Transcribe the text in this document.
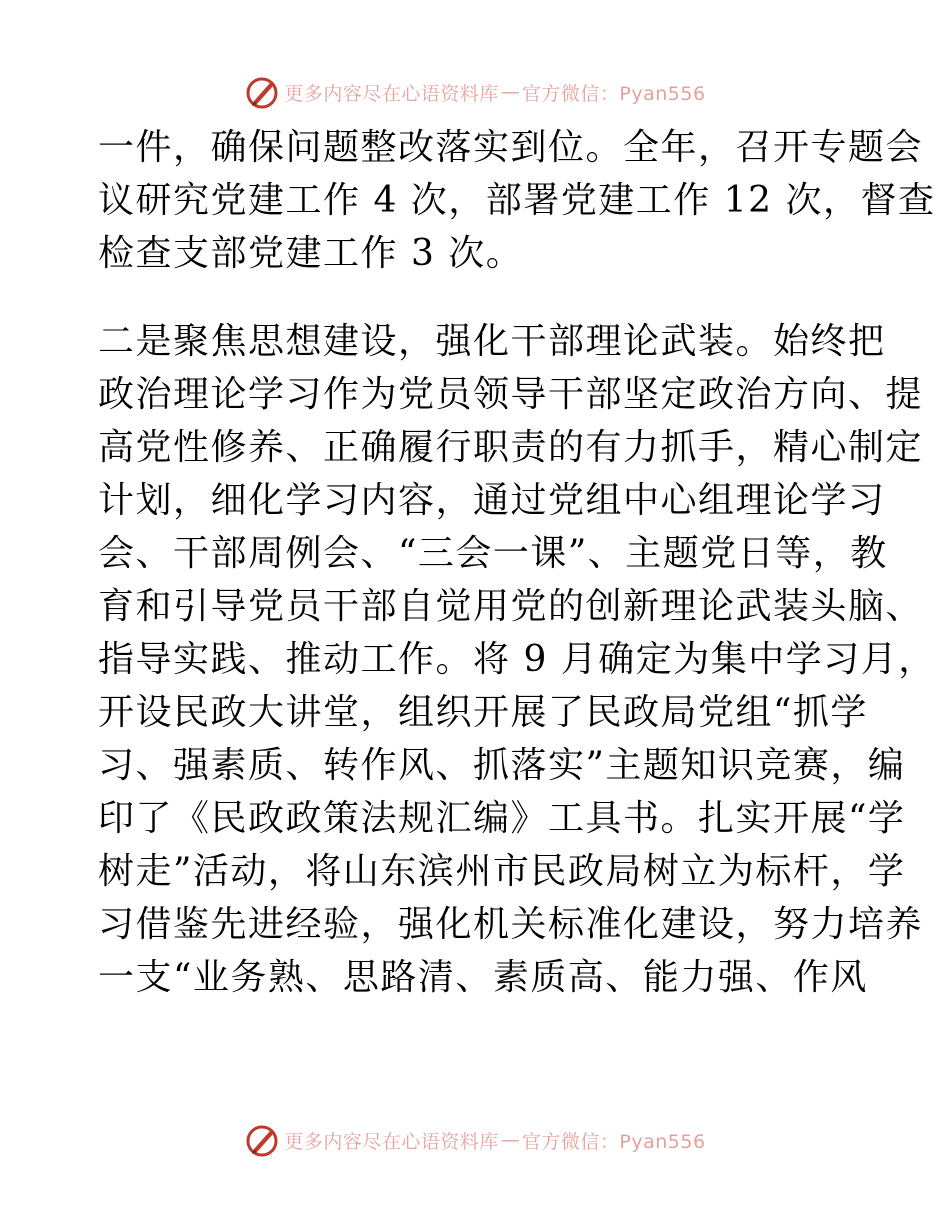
更多内容尽在心语资料库 — 官方微信：Pyan556
一件，确保问题整改落实到位。全年，召开专题会
议研究党建工作 4 次，部署党建工作 12 次，督查
检查支部党建工作 3 次。
二是聚焦思想建设，强化干部理论武装。始终把
政治理论学习作为党员领导干部坚定政治方向、提
高党性修养、正确履行职责的有力抓手，精心制定
计划，细化学习内容，通过党组中心组理论学习
会、干部周例会、“三会一课”、主题党日等，教
育和引导党员干部自觉用党的创新理论武装头脑、
指导实践、推动工作。将 9 月确定为集中学习月，
开设民政大讲堂，组织开展了民政局党组“抓学
习、强素质、转作风、抓落实”主题知识竞赛，编
印了《民政政策法规汇编》工具书。扎实开展“学
树走”活动，将山东滨州市民政局树立为标杆，学
习借鉴先进经验，强化机关标准化建设，努力培养
一支“业务熟、思路清、素质高、能力强、作风
更多内容尽在心语资料库 — 官方微信：Pyan556
